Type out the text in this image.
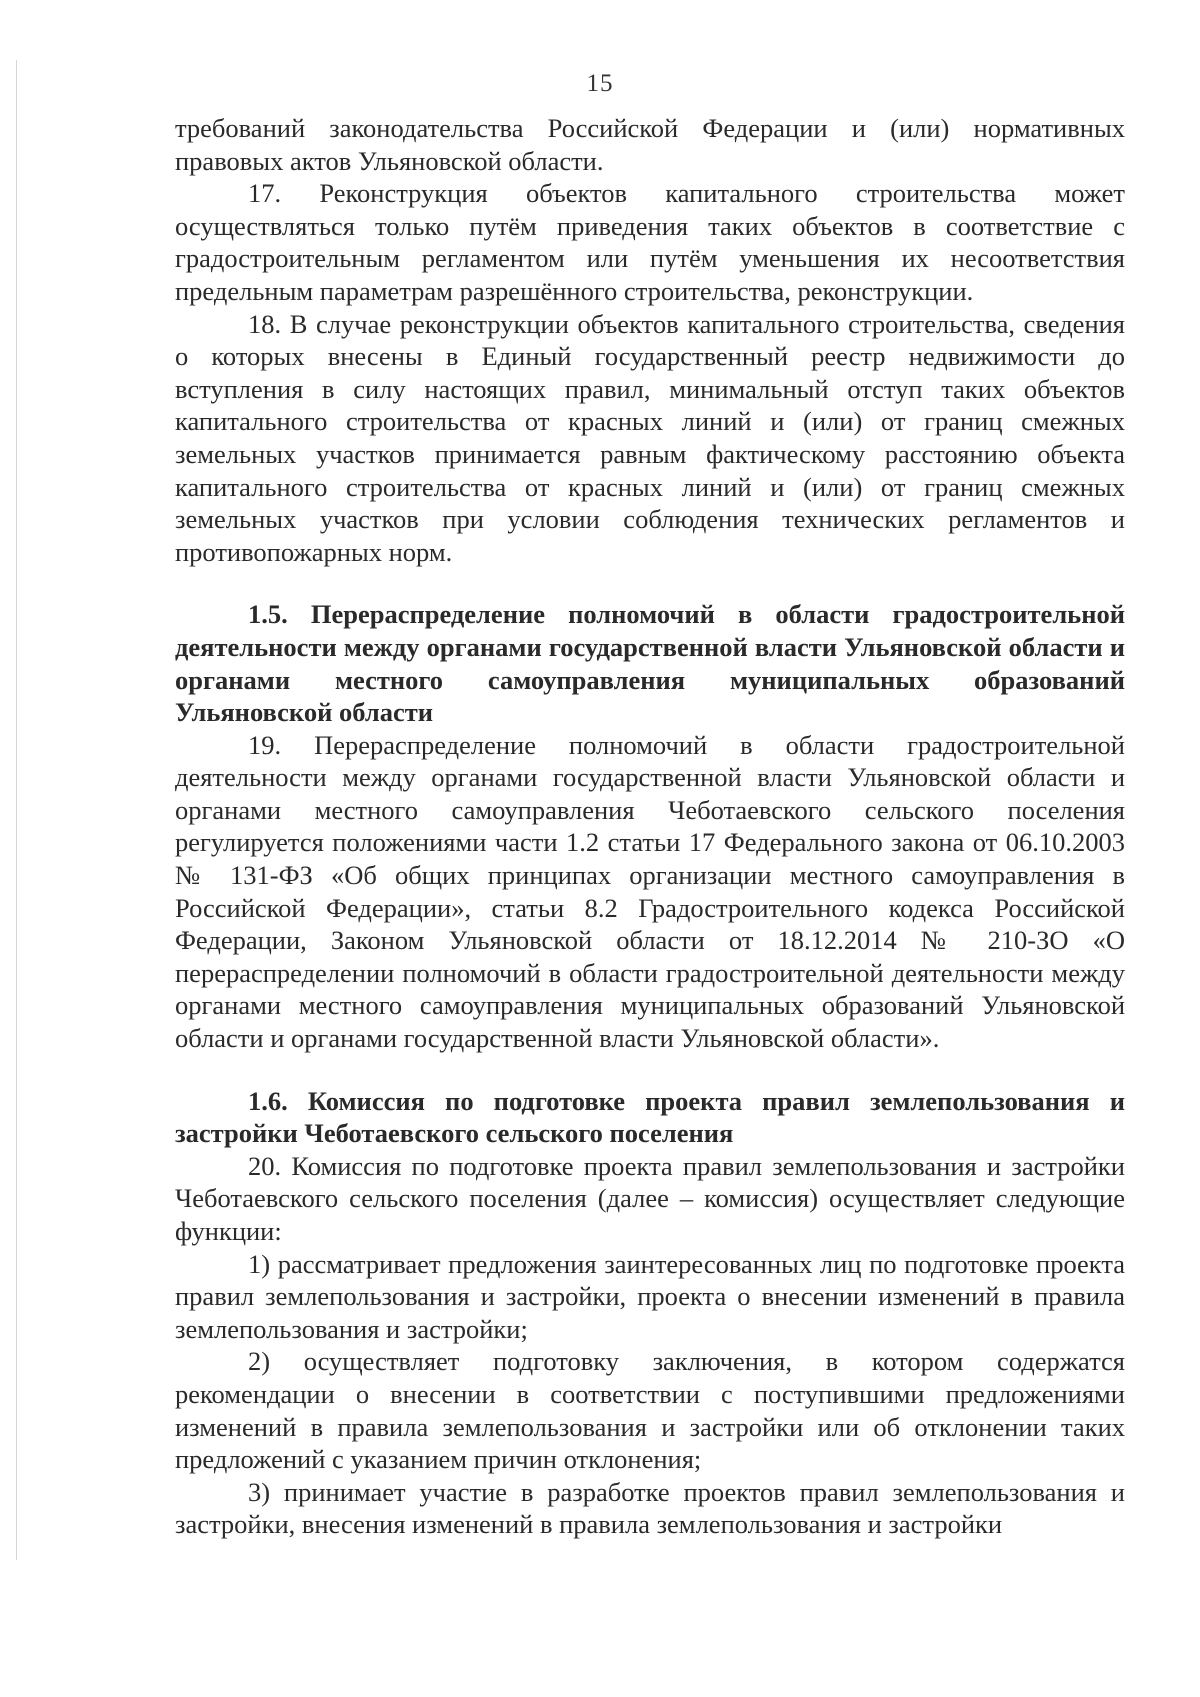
15

требований законодательства Российской Федерации и (или) нормативных правовых актов Ульяновской области.

17. Реконструкция объектов капитального строительства может осуществляться только путём приведения таких объектов в соответствие с градостроительным регламентом или путём уменьшения их несоответствия предельным параметрам разрешённого строительства, реконструкции.

18. В случае реконструкции объектов капитального строительства, сведения о которых внесены в Единый государственный реестр недвижимости до вступления в силу настоящих правил, минимальный отступ таких объектов капитального строительства от красных линий и (или) от границ смежных земельных участков принимается равным фактическому расстоянию объекта капитального строительства от красных линий и (или) от границ смежных земельных участков при условии соблюдения технических регламентов и противопожарных норм.

1.5. Перераспределение полномочий в области градостроительной деятельности между органами государственной власти Ульяновской области и органами местного самоуправления муниципальных образований Ульяновской области

19. Перераспределение полномочий в области градостроительной деятельности между органами государственной власти Ульяновской области и органами местного самоуправления Чеботаевского сельского поселения регулируется положениями части 1.2 статьи 17 Федерального закона от 06.10.2003 № 131-ФЗ «Об общих принципах организации местного самоуправления в Российской Федерации», статьи 8.2 Градостроительного кодекса Российской Федерации, Законом Ульяновской области от 18.12.2014 № 210-ЗО «О перераспределении полномочий в области градостроительной деятельности между органами местного самоуправления муниципальных образований Ульяновской области и органами государственной власти Ульяновской области».

1.6. Комиссия по подготовке проекта правил землепользования и застройки Чеботаевского сельского поселения

20. Комиссия по подготовке проекта правил землепользования и застройки Чеботаевского сельского поселения (далее – комиссия) осуществляет следующие функции:

1) рассматривает предложения заинтересованных лиц по подготовке проекта правил землепользования и застройки, проекта о внесении изменений в правила землепользования и застройки;

2) осуществляет подготовку заключения, в котором содержатся рекомендации о внесении в соответствии с поступившими предложениями изменений в правила землепользования и застройки или об отклонении таких предложений с указанием причин отклонения;

3) принимает участие в разработке проектов правил землепользования и застройки, внесения изменений в правила землепользования и застройки
